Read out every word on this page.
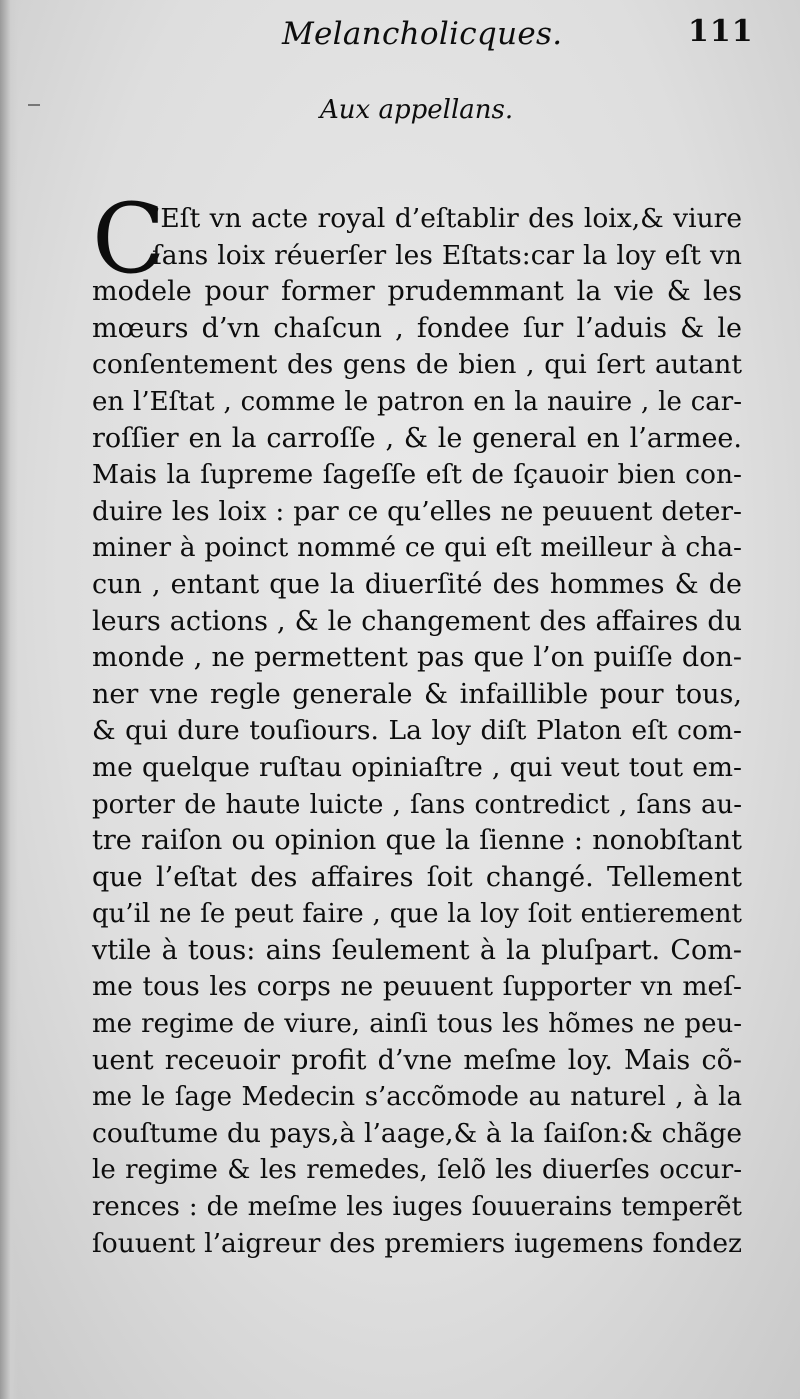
Melancholicques.	111
Aux appellans.
C
’Eſt vn acte royal d’eſtablir des loix,& viure
ſans loix réuerſer les Eſtats:car la loy eſt vn
modele pour former prudemmant la vie & les
mœurs d’vn chaſcun , fondee ſur l’aduis & le
conſentement des gens de bien , qui ſert autant
en l’Eſtat , comme le patron en la nauire , le car-
roſſier en la carroſſe , & le general en l’armee.
Mais la ſupreme ſageſſe eſt de ſçauoir bien con-
duire les loix : par ce qu’elles ne peuuent deter-
miner à poinct nommé ce qui eſt meilleur à cha-
cun , entant que la diuerſité des hommes & de
leurs actions , & le changement des affaires du
monde , ne permettent pas que l’on puiſſe don-
ner vne regle generale & infaillible pour tous,
& qui dure touſiours. La loy diſt Platon eſt com-
me quelque ruſtau opiniaſtre , qui veut tout em-
porter de haute luicte , ſans contredict , ſans au-
tre raiſon ou opinion que la ſienne : nonobſtant
que l’eſtat des affaires ſoit changé. Tellement
qu’il ne ſe peut faire , que la loy ſoit entierement
vtile à tous: ains ſeulement à la pluſpart. Com-
me tous les corps ne peuuent ſupporter vn meſ-
me regime de viure, ainſi tous les hõmes ne peu-
uent receuoir profit d’vne meſme loy. Mais cõ-
me le ſage Medecin s’accõmode au naturel , à la
couſtume du pays,à l’aage,& à la ſaiſon:& chãge
le regime & les remedes, ſelõ les diuerſes occur-
rences : de meſme les iuges ſouuerains temperẽt
ſouuent l’aigreur des premiers iugemens fondez
